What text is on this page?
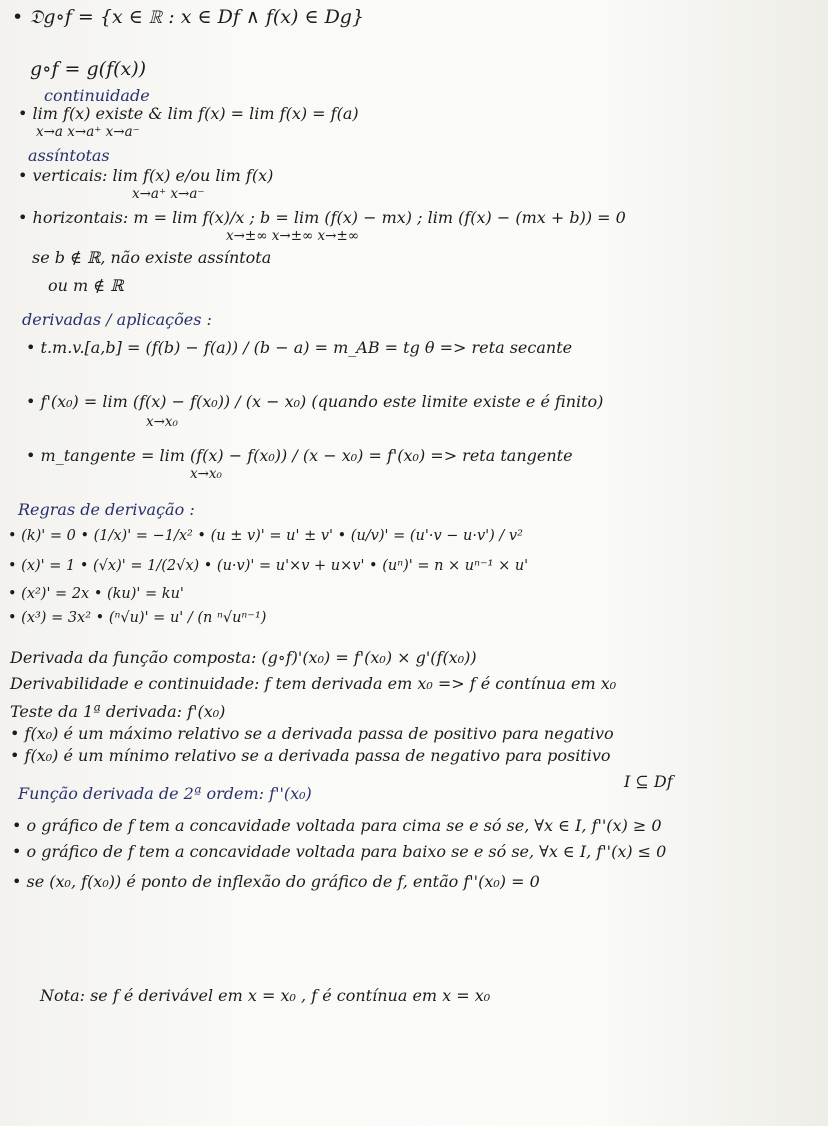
• 𝔇g∘f = {x ∈ ℝ : x ∈ Df ∧ f(x) ∈ Dg}
g∘f = g(f(x))
continuidade
• lim f(x) existe & lim f(x) = lim f(x) = f(a)
x→a x→a⁺ x→a⁻
assíntotas
• verticais: lim f(x) e/ou lim f(x)
x→a⁺ x→a⁻
• horizontais: m = lim f(x)/x ; b = lim (f(x) − mx) ; lim (f(x) − (mx + b)) = 0
x→±∞ x→±∞ x→±∞
se b ∉ ℝ, não existe assíntota
ou m ∉ ℝ
derivadas / aplicações :
• t.m.v.[a,b] = (f(b) − f(a)) / (b − a) = m_AB = tg θ => reta secante
• f'(x₀) = lim (f(x) − f(x₀)) / (x − x₀) (quando este limite existe e é finito)
x→x₀
• m_tangente = lim (f(x) − f(x₀)) / (x − x₀) = f'(x₀) => reta tangente
x→x₀
Regras de derivação :
• (k)' = 0 • (1/x)' = −1/x² • (u ± v)' = u' ± v' • (u/v)' = (u'·v − u·v') / v²
• (x)' = 1 • (√x)' = 1/(2√x) • (u·v)' = u'×v + u×v' • (uⁿ)' = n × uⁿ⁻¹ × u'
• (x²)' = 2x • (ku)' = ku'
• (x³) = 3x² • (ⁿ√u)' = u' / (n ⁿ√uⁿ⁻¹)
Derivada da função composta: (g∘f)'(x₀) = f'(x₀) × g'(f(x₀))
Derivabilidade e continuidade: f tem derivada em x₀ => f é contínua em x₀
Teste da 1ª derivada: f'(x₀)
• f(x₀) é um máximo relativo se a derivada passa de positivo para negativo
• f(x₀) é um mínimo relativo se a derivada passa de negativo para positivo
I ⊆ Df
Função derivada de 2ª ordem: f''(x₀)
• o gráfico de f tem a concavidade voltada para cima se e só se, ∀x ∈ I, f''(x) ≥ 0
• o gráfico de f tem a concavidade voltada para baixo se e só se, ∀x ∈ I, f''(x) ≤ 0
• se (x₀, f(x₀)) é ponto de inflexão do gráfico de f, então f''(x₀) = 0
Nota: se f é derivável em x = x₀ , f é contínua em x = x₀
